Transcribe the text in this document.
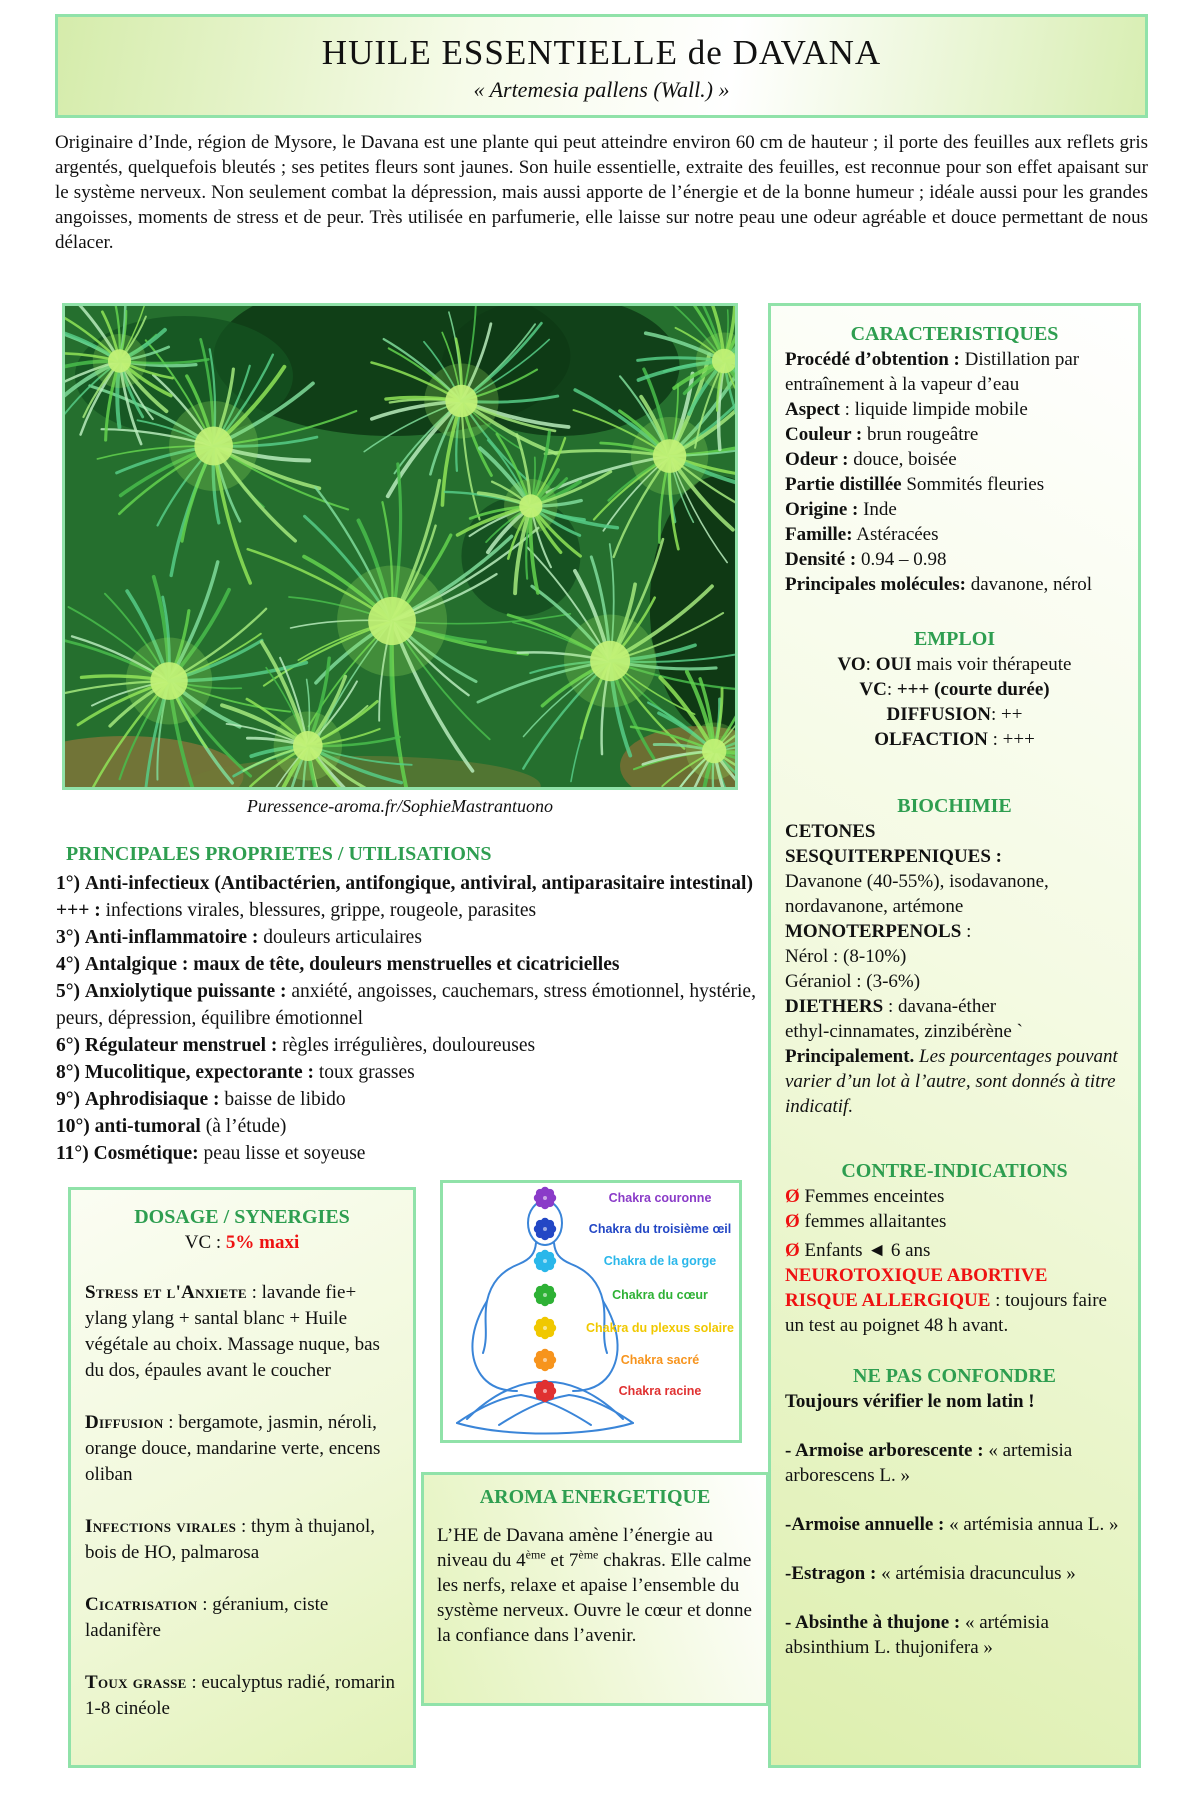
HUILE ESSENTIELLE de DAVANA

« Artemesia pallens (Wall.) »

Originaire d’Inde, région de Mysore, le Davana est une plante qui peut atteindre environ 60 cm de hauteur ; il porte des feuilles aux reflets gris argentés, quelquefois bleutés ; ses petites fleurs sont jaunes. Son huile essentielle, extraite des feuilles, est reconnue pour son effet apaisant sur le système nerveux. Non seulement combat la dépression, mais aussi apporte de l’énergie et de la bonne humeur ; idéale aussi pour les grandes angoisses, moments de stress et de peur. Très utilisée en parfumerie, elle laisse sur notre peau une odeur agréable et douce permettant de nous délacer.
Puressence-aroma.fr/SophieMastrantuono
PRINCIPALES PROPRIETES / UTILISATIONS

1°) Anti-infectieux (Antibactérien, antifongique, antiviral, antiparasitaire intestinal) +++ : infections virales, blessures, grippe, rougeole, parasites

3°) Anti-inflammatoire : douleurs articulaires

4°) Antalgique : maux de tête, douleurs menstruelles et cicatricielles

5°) Anxiolytique puissante : anxiété, angoisses, cauchemars, stress émotionnel, hystérie, peurs, dépression, équilibre émotionnel

6°) Régulateur menstruel : règles irrégulières, douloureuses

8°) Mucolitique, expectorante : toux grasses

9°) Aphrodisiaque : baisse de libido

10°) anti-tumoral (à l’étude)

11°) Cosmétique: peau lisse et soyeuse

CARACTERISTIQUES

Procédé d’obtention : Distillation par entraînement à la vapeur d’eau

Aspect : liquide limpide mobile

Couleur : brun rougeâtre

Odeur : douce, boisée

Partie distillée Sommités fleuries

Origine : Inde

Famille: Astéracées

Densité : 0.94 – 0.98

Principales molécules: davanone, nérol

EMPLOI

VO: OUI mais voir thérapeute

VC: +++ (courte durée)

DIFFUSION: ++

OLFACTION : +++

BIOCHIMIE

CETONES

SESQUITERPENIQUES :

Davanone (40-55%), isodavanone,

nordavanone, artémone

MONOTERPENOLS :

Nérol : (8-10%)

Géraniol : (3-6%)

DIETHERS : davana-éther

ethyl-cinnamates, zinzibérène `

Principalement. Les pourcentages pouvant varier d’un lot à l’autre, sont donnés à titre indicatif.

CONTRE-INDICATIONS

Ø Femmes enceintes

Ø femmes allaitantes

Ø Enfants ◄ 6 ans

NEUROTOXIQUE ABORTIVE

RISQUE ALLERGIQUE : toujours faire un test au poignet 48 h avant.

NE PAS CONFONDRE

Toujours vérifier le nom latin !

- Armoise arborescente : « artemisia arborescens L. »

-Armoise annuelle : « artémisia annua L. »

-Estragon : « artémisia dracunculus »

- Absinthe à thujone : « artémisia absinthium L. thujonifera »

DOSAGE / SYNERGIES

VC : 5% maxi

Stress et l'Anxiete : lavande fie+ ylang ylang + santal blanc + Huile végétale au choix. Massage nuque, bas du dos, épaules avant le coucher

Diffusion : bergamote, jasmin, néroli, orange douce, mandarine verte, encens oliban

Infections virales : thym à thujanol, bois de HO, palmarosa

Cicatrisation : géranium, ciste ladanifère

Toux grasse : eucalyptus radié, romarin 1-8 cinéole

Chakra couronne
Chakra du troisième œil
Chakra de la gorge
Chakra du cœur
Chakra du plexus solaire
Chakra sacré
Chakra racine

AROMA ENERGETIQUE

L’HE de Davana amène l’énergie au niveau du 4ème et 7ème chakras. Elle calme les nerfs, relaxe et apaise l’ensemble du système nerveux. Ouvre le cœur et donne la confiance dans l’avenir.
